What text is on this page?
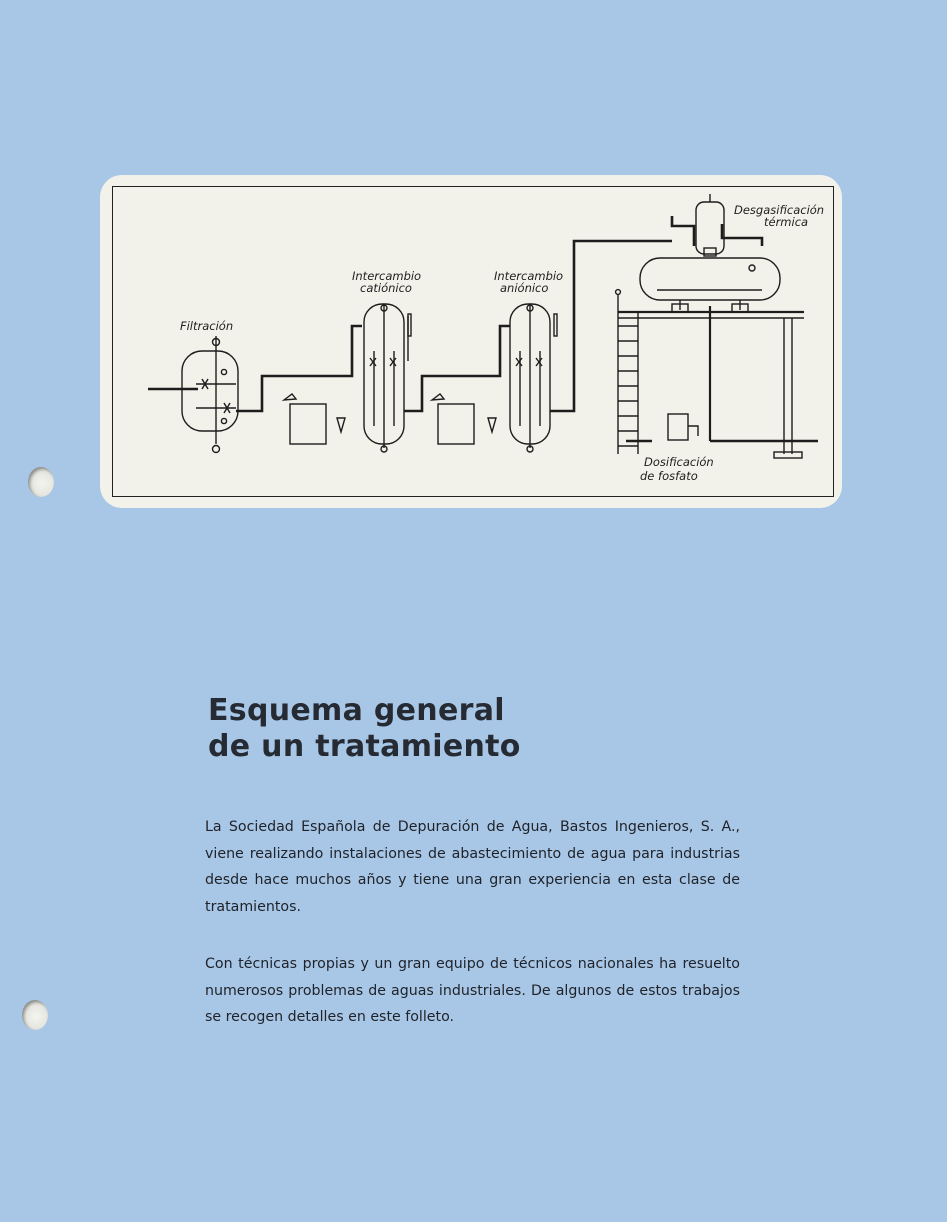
Filtración
Intercambio
catiónico
Intercambio
aniónico
Desgasificación
térmica
Dosificación
de fosfato
Esquema general
de un tratamiento

La Sociedad Española de Depuración de Agua, Bastos Ingenieros, S. A., viene realizando instalaciones de abastecimiento de agua para industrias desde hace muchos años y tiene una gran experiencia en esta clase de tratamientos.

Con técnicas propias y un gran equipo de técnicos nacionales ha resuelto numerosos problemas de aguas industriales. De algunos de estos trabajos se recogen detalles en este folleto.
